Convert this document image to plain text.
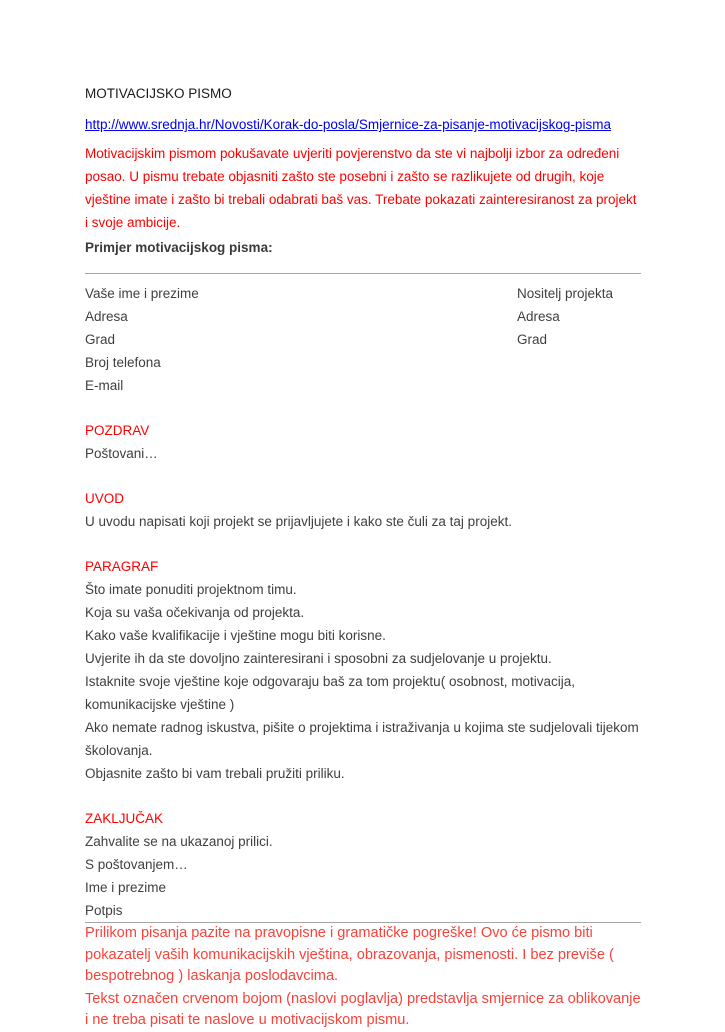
MOTIVACIJSKO PISMO
http://www.srednja.hr/Novosti/Korak-do-posla/Smjernice-za-pisanje-motivacijskog-pisma

Motivacijskim pismom pokušavate uvjeriti povjerenstvo da ste vi najbolji izbor za određeni posao. U pismu trebate objasniti zašto ste posebni i zašto se razlikujete od drugih, koje vještine imate i zašto bi trebali odabrati baš vas. Trebate pokazati zainteresiranost za projekt i svoje ambicije.

Primjer motivacijskog pisma:

Vaše ime i prezime
Adresa
Grad
Broj telefona
E-mail
Nositelj projekta
Adresa
Grad
POZDRAV
Poštovani…
UVOD
U uvodu napisati koji projekt se prijavljujete i kako ste čuli za taj projekt.
PARAGRAF
Što imate ponuditi projektnom timu.
Koja su vaša očekivanja od projekta.
Kako vaše kvalifikacije i vještine mogu biti korisne.
Uvjerite ih da ste dovoljno zainteresirani i sposobni za sudjelovanje u projektu.
Istaknite svoje vještine koje odgovaraju baš za tom projektu( osobnost, motivacija, komunikacijske vještine )
Ako nemate radnog iskustva, pišite o projektima i istraživanja u kojima ste sudjelovali tijekom školovanja.
Objasnite zašto bi vam trebali pružiti priliku.
ZAKLJUČAK
Zahvalite se na ukazanoj prilici.
S poštovanjem…
Ime i prezime
Potpis

Prilikom pisanja pazite na pravopisne i gramatičke pogreške! Ovo će pismo biti pokazatelj vaših komunikacijskih vještina, obrazovanja, pismenosti. I bez previše ( bespotrebnog ) laskanja poslodavcima.

Tekst označen crvenom bojom (naslovi poglavlja) predstavlja smjernice za oblikovanje i ne treba pisati te naslove u motivacijskom pismu.
